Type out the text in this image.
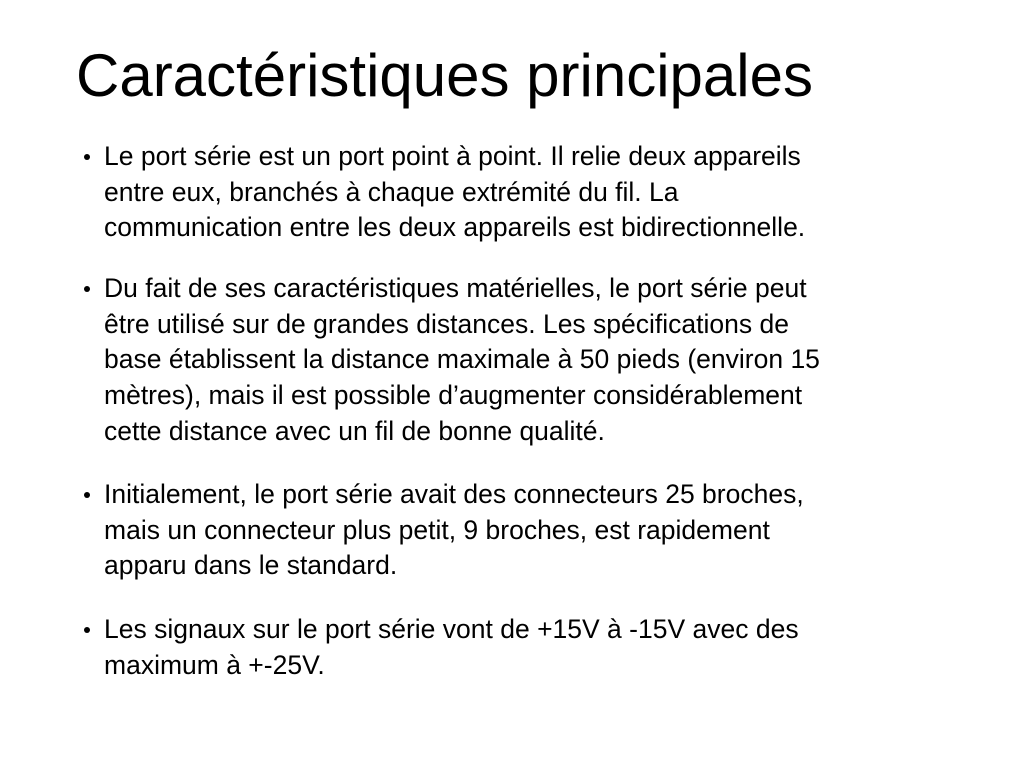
Caractéristiques principales
Le port série est un port point à point. Il relie deux appareils
entre eux, branchés à chaque extrémité du fil. La
communication entre les deux appareils est bidirectionnelle.
Du fait de ses caractéristiques matérielles, le port série peut
être utilisé sur de grandes distances. Les spécifications de
base établissent la distance maximale à 50 pieds (environ 15
mètres), mais il est possible d’augmenter considérablement
cette distance avec un fil de bonne qualité.
Initialement, le port série avait des connecteurs 25 broches,
mais un connecteur plus petit, 9 broches, est rapidement
apparu dans le standard.
Les signaux sur le port série vont de +15V à -15V avec des
maximum à +-25V.
